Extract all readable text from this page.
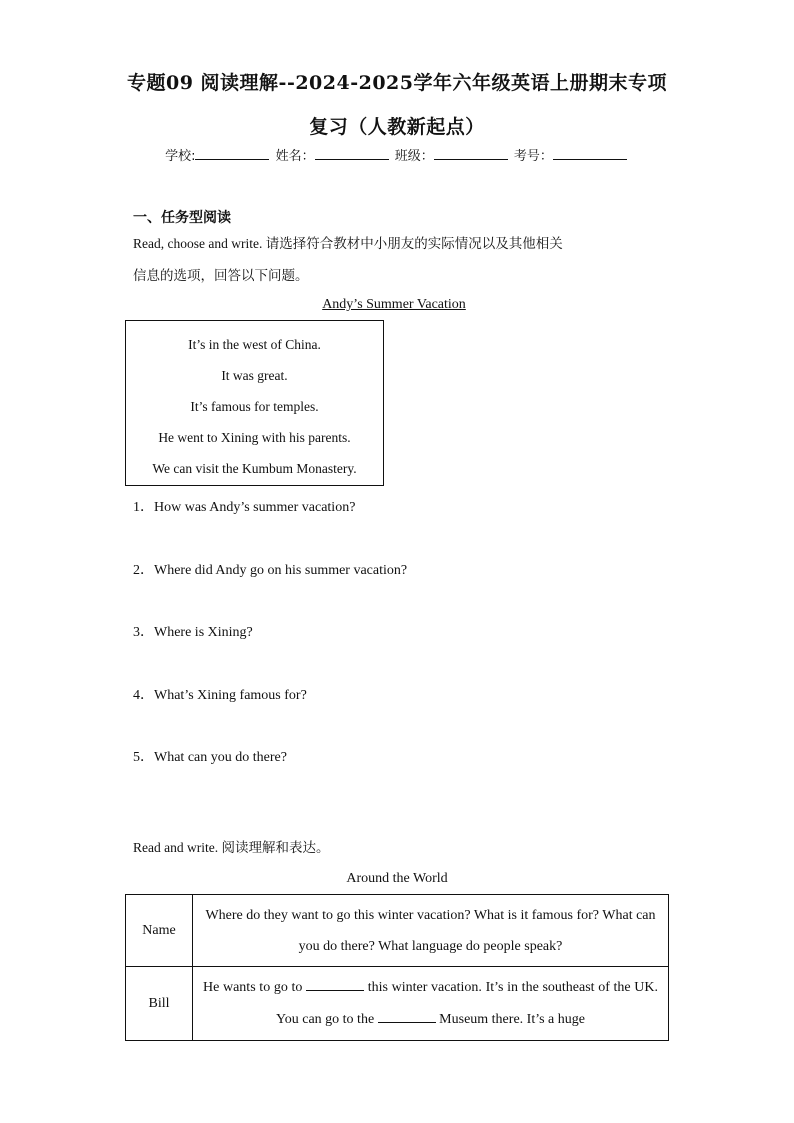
专题09 阅读理解--2024-2025学年六年级英语上册期末专项
复习（人教新起点）
学校:	姓名：	班级：	考号：
一、任务型阅读
Read, choose and write. 请选择符合教材中小朋友的实际情况以及其他相关
信息的选项，回答以下问题。
Andy’s Summer Vacation
It’s in the west of China.
It was great.
It’s famous for temples.
He went to Xining with his parents.
We can visit the Kumbum Monastery.
1．How was Andy’s summer vacation?
2．Where did Andy go on his summer vacation?
3．Where is Xining?
4．What’s Xining famous for?
5．What can you do there?
Read and write. 阅读理解和表达。
Around the World
Name	Where do they want to go this winter vacation? What is it famous for? What can you do there? What language do people speak?
Bill	He wants to go to this winter vacation. It’s in the southeast of the UK. You can go to the Museum there. It’s a huge
